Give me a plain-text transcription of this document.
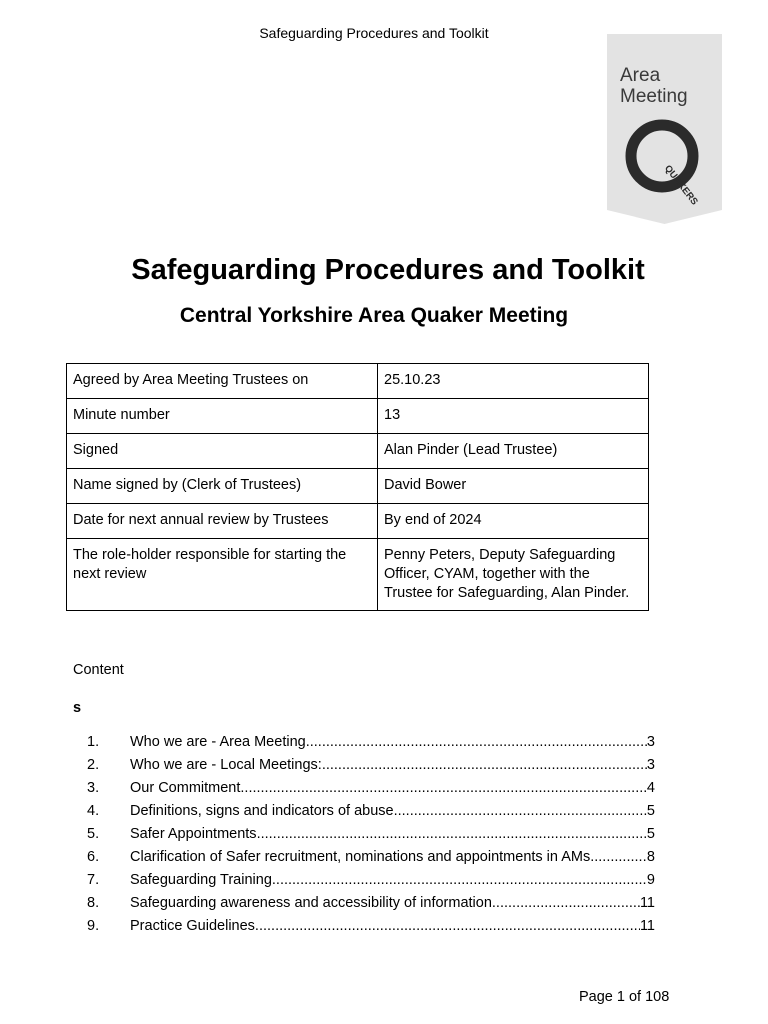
Safeguarding Procedures and Toolkit
Area
Meeting
QUAKERS
Safeguarding Procedures and Toolkit
Central Yorkshire Area Quaker Meeting
Agreed by Area Meeting Trustees on	25.10.23
Minute number	13
Signed	Alan Pinder (Lead Trustee)
Name signed by (Clerk of Trustees)	David Bower
Date for next annual review by Trustees	By end of 2024
The role-holder responsible for starting the next review	Penny Peters, Deputy Safeguarding Officer, CYAM, together with the Trustee for Safeguarding, Alan Pinder.
Content
s
1.	Who we are - Area Meeting .....	3
2.	Who we are - Local Meetings: .....	3
3.	Our Commitment .....	4
4.	Definitions, signs and indicators of abuse .....	5
5.	Safer Appointments .....	5
6.	Clarification of Safer recruitment, nominations and appointments in AMs .....	8
7.	Safeguarding Training .....	9
8.	Safeguarding awareness and accessibility of information .....	11
9.	Practice Guidelines .....	11
Page 1 of 108
